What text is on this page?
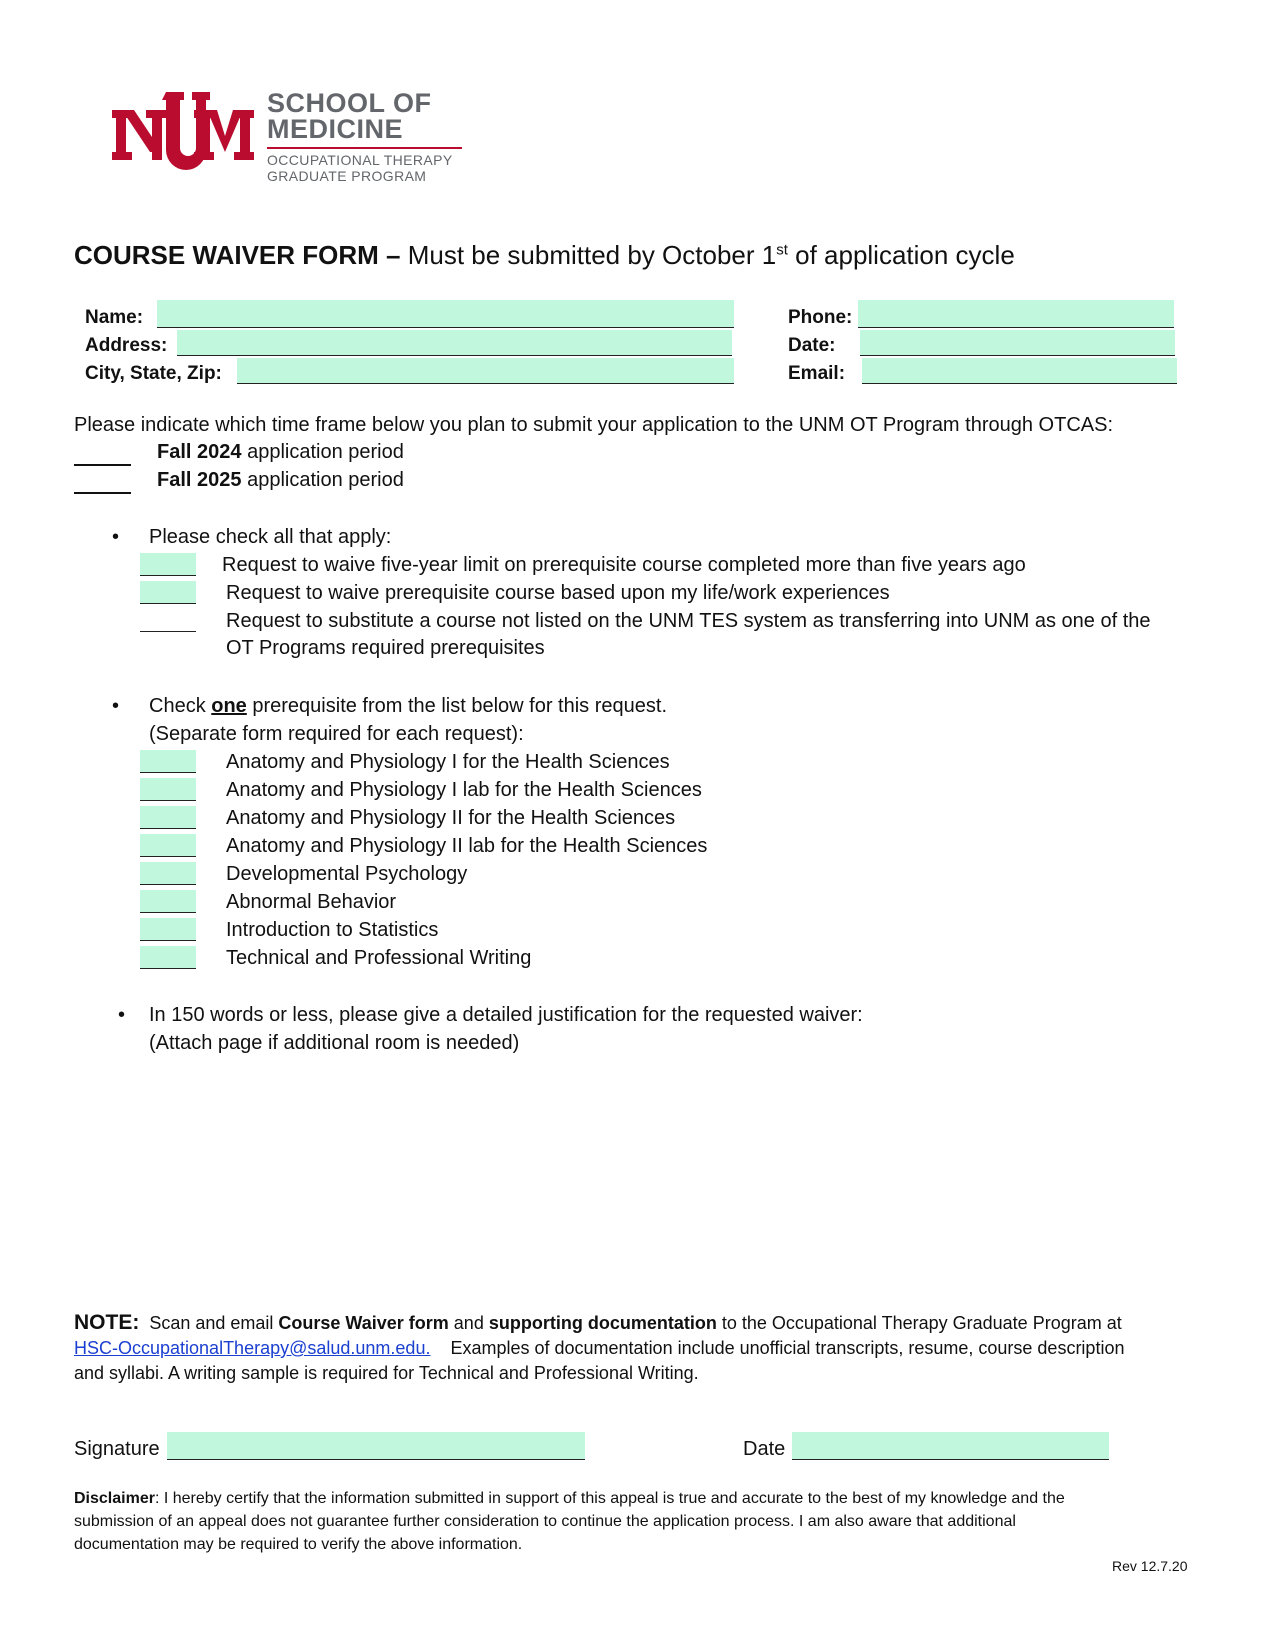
SCHOOL OF
MEDICINE
OCCUPATIONAL THERAPY
GRADUATE PROGRAM
COURSE WAIVER FORM – Must be submitted by October 1st of application cycle
Name:
Address:
City, State, Zip:
Phone:
Date:
Email:
Please indicate which time frame below you plan to submit your application to the UNM OT Program through OTCAS:
Fall 2024 application period
Fall 2025 application period
• Please check all that apply:
Request to waive five-year limit on prerequisite course completed more than five years ago
Request to waive prerequisite course based upon my life/work experiences
Request to substitute a course not listed on the UNM TES system as transferring into UNM as one of the
OT Programs required prerequisites
• Check one prerequisite from the list below for this request.
(Separate form required for each request):
Anatomy and Physiology I for the Health Sciences
Anatomy and Physiology I lab for the Health Sciences
Anatomy and Physiology II for the Health Sciences
Anatomy and Physiology II lab for the Health Sciences
Developmental Psychology
Abnormal Behavior
Introduction to Statistics
Technical and Professional Writing
• In 150 words or less, please give a detailed justification for the requested waiver:
(Attach page if additional room is needed)
NOTE:  Scan and email Course Waiver form and supporting documentation to the Occupational Therapy Graduate Program at
HSC-OccupationalTherapy@salud.unm.edu.    Examples of documentation include unofficial transcripts, resume, course description
and syllabi. A writing sample is required for Technical and Professional Writing.
Signature	Date
Disclaimer: I hereby certify that the information submitted in support of this appeal is true and accurate to the best of my knowledge and the
submission of an appeal does not guarantee further consideration to continue the application process. I am also aware that additional
documentation may be required to verify the above information.
Rev 12.7.20
